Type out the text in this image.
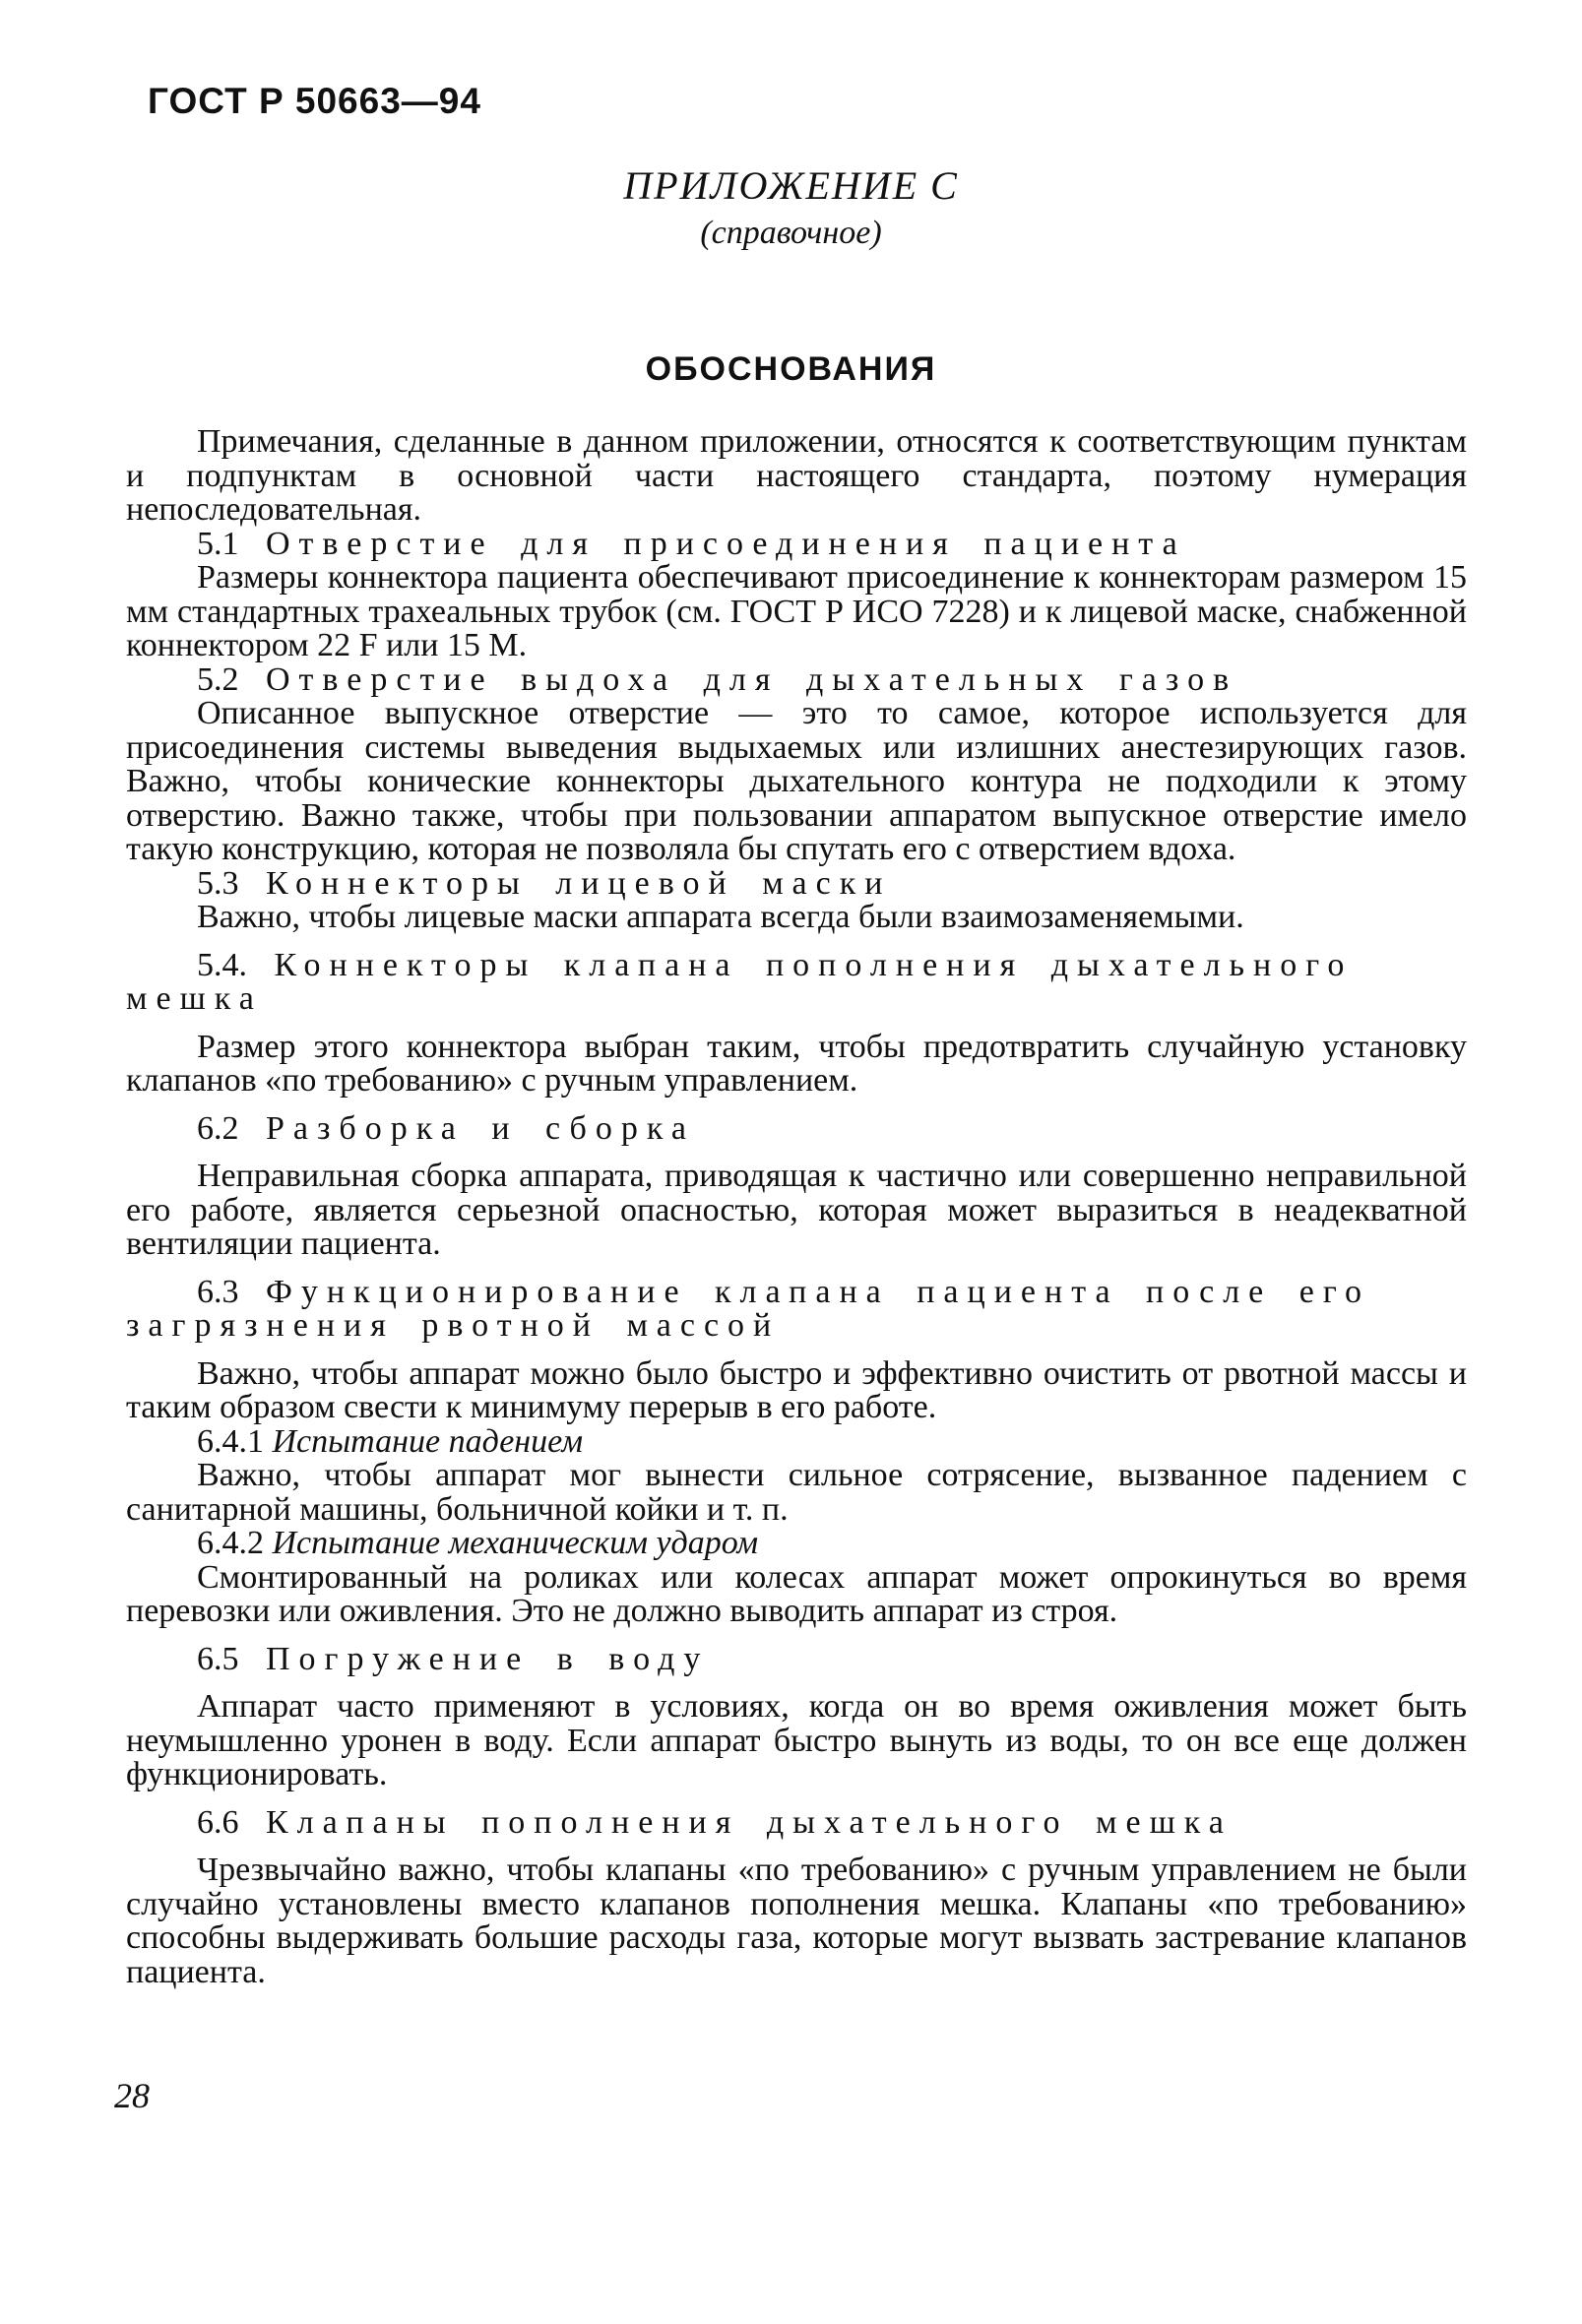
ГОСТ Р 50663—94
ПРИЛОЖЕНИЕ С
(справочное)
ОБОСНОВАНИЯ

Примечания, сделанные в данном приложении, относятся к соответствующим пунктам и подпунктам в основной части настоящего стандарта, поэтому нумерация непоследовательная.

5.1 Отверстие для присоединения пациента

Размеры коннектора пациента обеспечивают присоединение к коннекторам размером 15 мм стандартных трахеальных трубок (см. ГОСТ Р ИСО 7228) и к лицевой маске, снабженной коннектором 22 F или 15 М.

5.2 Отверстие выдоха для дыхательных газов

Описанное выпускное отверстие — это то самое, которое используется для присоединения системы выведения выдыхаемых или излишних анестезирующих газов. Важно, чтобы конические коннекторы дыхательного контура не подходили к этому отверстию. Важно также, чтобы при пользовании аппаратом выпускное отверстие имело такую конструкцию, которая не позволяла бы спутать его с отверстием вдоха.

5.3 Коннекторы лицевой маски

Важно, чтобы лицевые маски аппарата всегда были взаимозаменяемыми.

5.4. Коннекторы клапана пополнения дыхательного мешка

Размер этого коннектора выбран таким, чтобы предотвратить случайную установку клапанов «по требованию» с ручным управлением.

6.2 Разборка и сборка

Неправильная сборка аппарата, приводящая к частично или совершенно неправильной его работе, является серьезной опасностью, которая может выразиться в неадекватной вентиляции пациента.

6.3 Функционирование клапана пациента после его загрязнения рвотной массой

Важно, чтобы аппарат можно было быстро и эффективно очистить от рвотной массы и таким образом свести к минимуму перерыв в его работе.

6.4.1 Испытание падением

Важно, чтобы аппарат мог вынести сильное сотрясение, вызванное падением с санитарной машины, больничной койки и т. п.

6.4.2 Испытание механическим ударом

Смонтированный на роликах или колесах аппарат может опрокинуться во время перевозки или оживления. Это не должно выводить аппарат из строя.

6.5 Погружение в воду

Аппарат часто применяют в условиях, когда он во время оживления может быть неумышленно уронен в воду. Если аппарат быстро вынуть из воды, то он все еще должен функционировать.

6.6 Клапаны пополнения дыхательного мешка

Чрезвычайно важно, чтобы клапаны «по требованию» с ручным управлением не были случайно установлены вместо клапанов пополнения мешка. Клапаны «по требованию» способны выдерживать большие расходы газа, которые могут вызвать застревание клапанов пациента.

28
